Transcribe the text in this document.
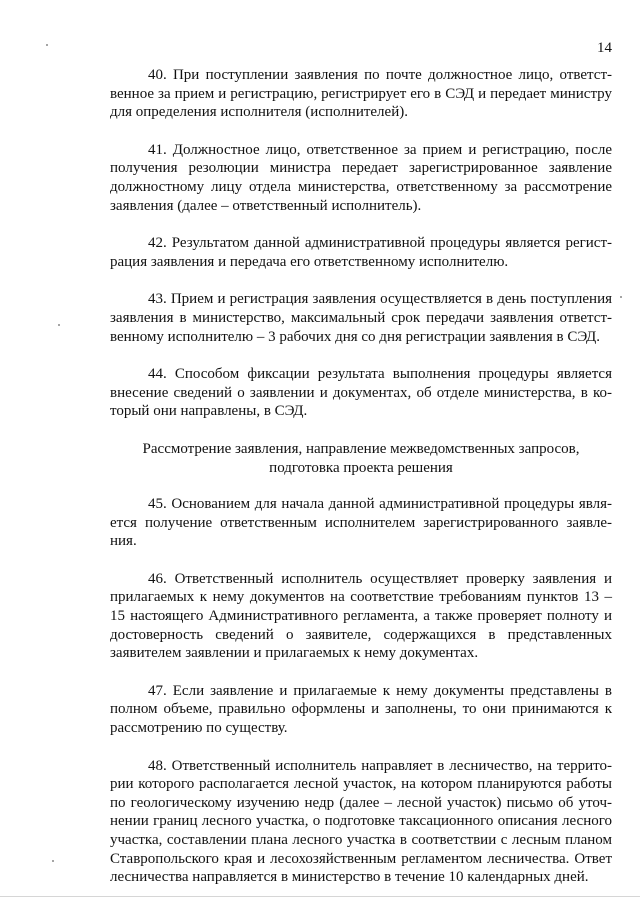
14

40. При поступлении заявления по почте должностное лицо, ответственное за прием и регистрацию, регистрирует его в СЭД и передает министру для определения исполнителя (исполнителей).

41. Должностное лицо, ответственное за прием и регистрацию, после получения резолюции министра передает зарегистрированное заявление должностному лицу отдела министерства, ответственному за рассмотрение заявления (далее – ответственный исполнитель).

42. Результатом данной административной процедуры является регистрация заявления и передача его ответственному исполнителю.

43. Прием и регистрация заявления осуществляется в день поступления заявления в министерство, максимальный срок передачи заявления ответственному исполнителю – 3 рабочих дня со дня регистрации заявления в СЭД.

44. Способом фиксации результата выполнения процедуры является внесение сведений о заявлении и документах, об отделе министерства, в который они направлены, в СЭД.

Рассмотрение заявления, направление межведомственных запросов,
подготовка проекта решения

45. Основанием для начала данной административной процедуры является получение ответственным исполнителем зарегистрированного заявления.

46. Ответственный исполнитель осуществляет проверку заявления и прилагаемых к нему документов на соответствие требованиям пунктов 13 – 15 настоящего Административного регламента, а также проверяет полноту и достоверность сведений о заявителе, содержащихся в представленных заявителем заявлении и прилагаемых к нему документах.

47. Если заявление и прилагаемые к нему документы представлены в полном объеме, правильно оформлены и заполнены, то они принимаются к рассмотрению по существу.

48. Ответственный исполнитель направляет в лесничество, на территории которого располагается лесной участок, на котором планируются работы по геологическому изучению недр (далее – лесной участок) письмо об уточнении границ лесного участка, о подготовке таксационного описания лесного участка, составлении плана лесного участка в соответствии с лесным планом Ставропольского края и лесохозяйственным регламентом лесничества. Ответ лесничества направляется в министерство в течение 10 календарных дней.
